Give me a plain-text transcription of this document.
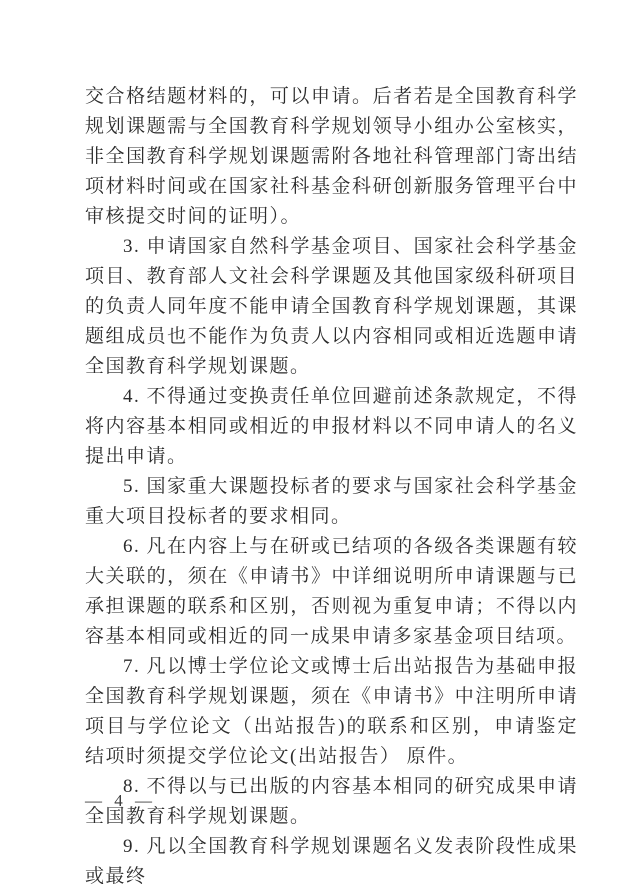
交合格结题材料的，可以申请。后者若是全国教育科学规划课题需与全国教育科学规划领导小组办公室核实，非全国教育科学规划课题需附各地社科管理部门寄出结项材料时间或在国家社科基金科研创新服务管理平台中审核提交时间的证明）。

3. 申请国家自然科学基金项目、国家社会科学基金项目、教育部人文社会科学课题及其他国家级科研项目的负责人同年度不能申请全国教育科学规划课题，其课题组成员也不能作为负责人以内容相同或相近选题申请全国教育科学规划课题。

4. 不得通过变换责任单位回避前述条款规定，不得将内容基本相同或相近的申报材料以不同申请人的名义提出申请。

5. 国家重大课题投标者的要求与国家社会科学基金重大项目投标者的要求相同。

6. 凡在内容上与在研或已结项的各级各类课题有较大关联的，须在《申请书》中详细说明所申请课题与已承担课题的联系和区别，否则视为重复申请；不得以内容基本相同或相近的同一成果申请多家基金项目结项。

7. 凡以博士学位论文或博士后出站报告为基础申报全国教育科学规划课题，须在《申请书》中注明所申请项目与学位论文（出站报告)的联系和区别，申请鉴定结项时须提交学位论文(出站报告） 原件。

8. 不得以与已出版的内容基本相同的研究成果申请全国教育科学规划课题。

9. 凡以全国教育科学规划课题名义发表阶段性成果或最终

— 4 —
